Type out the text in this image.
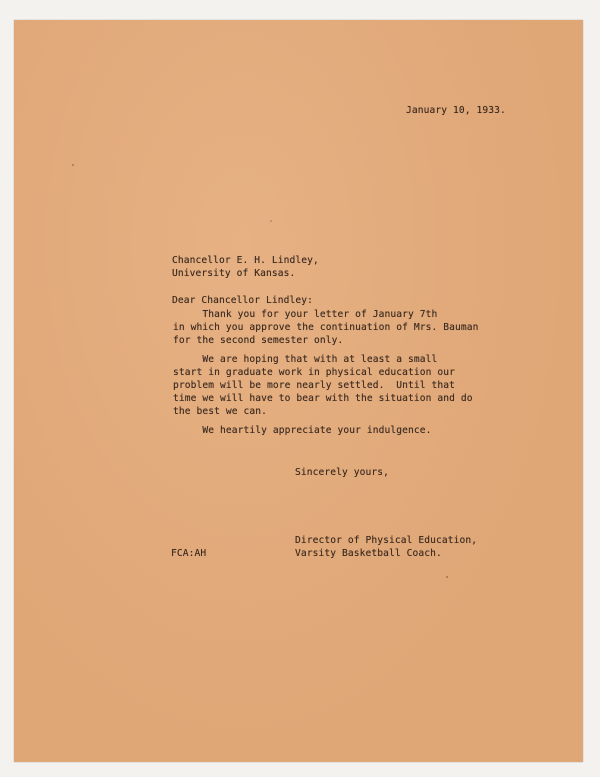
January 10, 1933.
Chancellor E. H. Lindley,
University of Kansas.
Dear Chancellor Lindley:
Thank you for your letter of January 7th
in which you approve the continuation of Mrs. Bauman
for the second semester only.
We are hoping that with at least a small
start in graduate work in physical education our
problem will be more nearly settled.  Until that
time we will have to bear with the situation and do
the best we can.
We heartily appreciate your indulgence.
Sincerely yours,
FCA:AH
Director of Physical Education,
Varsity Basketball Coach.
